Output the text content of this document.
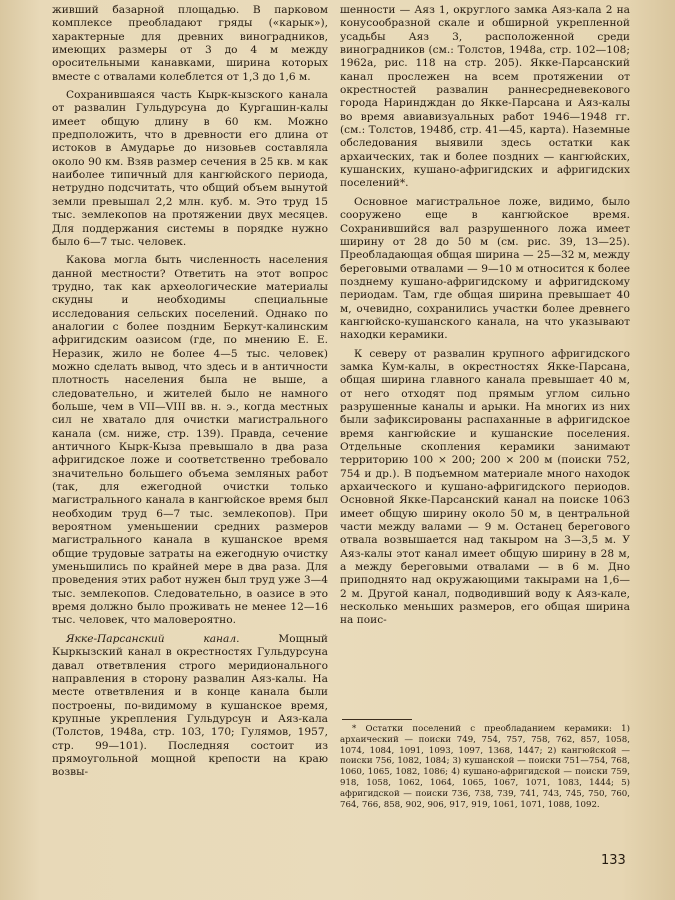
живший базарной площадью. В парковом комплексе преобладают гряды («карык»), характерные для древних виноградников, имеющих размеры от 3 до 4 м между оросительными канавками, ширина которых вместе с отвалами колеблется от 1,3 до 1,6 м.

Сохранившаяся часть Кырк-кызского канала от развалин Гульдурсуна до Кургашин-калы имеет общую длину в 60 км. Можно предположить, что в древности его длина от истоков в Амударье до низовьев составляла около 90 км. Взяв размер сечения в 25 кв. м как наиболее типичный для кангюйского периода, нетрудно подсчитать, что общий объем вынутой земли превышал 2,2 млн. куб. м. Это труд 15 тыс. землекопов на протяжении двух месяцев. Для поддержания системы в порядке нужно было 6—7 тыс. человек.

Какова могла быть численность населения данной местности? Ответить на этот вопрос трудно, так как археологические материалы скудны и необходимы специальные исследования сельских поселений. Однако по аналогии с более поздним Беркут-калинским афригидским оазисом (где, по мнению Е. Е. Неразик, жило не более 4—5 тыс. человек) можно сделать вывод, что здесь и в античности плотность населения была не выше, а следовательно, и жителей было не намного больше, чем в VII—VIII вв. н. э., когда местных сил не хватало для очистки магистрального канала (см. ниже, стр. 139). Правда, сечение античного Кырк-Кыза превышало в два раза афригидское ложе и соответственно требовало значительно большего объема земляных работ (так, для ежегодной очистки только магистрального канала в кангюйское время был необходим труд 6—7 тыс. землекопов). При вероятном уменьшении средних размеров магистрального канала в кушанское время общие трудовые затраты на ежегодную очистку уменьшились по крайней мере в два раза. Для проведения этих работ нужен был труд уже 3—4 тыс. землекопов. Следовательно, в оазисе в это время должно было проживать не менее 12—16 тыс. человек, что маловероятно.

Якке-Парсанский канал. Мощный Кыркызский канал в окрестностях Гульдурсуна давал ответвления строго меридионального направления в сторону развалин Аяз-калы. На месте ответвления и в конце канала были построены, по-видимому в кушанское время, крупные укрепления Гульдурсун и Аяз-кала (Толстов, 1948а, стр. 103, 170; Гулямов, 1957, стр. 99—101). Последняя состоит из прямоугольной мощной крепости на краю возвы-

шенности — Аяз 1, округлого замка Аяз-кала 2 на конусообразной скале и обширной укрепленной усадьбы Аяз 3, расположенной среди виноградников (см.: Толстов, 1948а, стр. 102—108; 1962а, рис. 118 на стр. 205). Якке-Парсанский канал прослежен на всем протяжении от окрестностей развалин раннесредневекового города Нариндждан до Якке-Парсана и Аяз-калы во время авиавизуальных работ 1946—1948 гг. (см.: Толстов, 1948б, стр. 41—45, карта). Наземные обследования выявили здесь остатки как архаических, так и более поздних — кангюйских, кушанских, кушано-афригидских и афригидских поселений*.

Основное магистральное ложе, видимо, было сооружено еще в кангюйское время. Сохранившийся вал разрушенного ложа имеет ширину от 28 до 50 м (см. рис. 39, 13—25). Преобладающая общая ширина — 25—32 м, между береговыми отвалами — 9—10 м относится к более позднему кушано-афригидскому и афригидскому периодам. Там, где общая ширина превышает 40 м, очевидно, сохранились участки более древнего кангюйско-кушанского канала, на что указывают находки керамики.

К северу от развалин крупного афригидского замка Кум-калы, в окрестностях Якке-Парсана, общая ширина главного канала превышает 40 м, от него отходят под прямым углом сильно разрушенные каналы и арыки. На многих из них были зафиксированы распаханные в афригидское время кангюйские и кушанские поселения. Отдельные скопления керамики занимают территорию 100 × 200; 200 × 200 м (поиски 752, 754 и др.). В подъемном материале много находок архаического и кушано-афригидского периодов. Основной Якке-Парсанский канал на поиске 1063 имеет общую ширину около 50 м, в центральной части между валами — 9 м. Останец берегового отвала возвышается над такыром на 3—3,5 м. У Аяз-калы этот канал имеет общую ширину в 28 м, а между береговыми отвалами — в 6 м. Дно приподнято над окружающими такырами на 1,6—2 м. Другой канал, подводивший воду к Аяз-кале, несколько меньших размеров, его общая ширина на поис-

* Остатки поселений с преобладанием керамики: 1) архаический — поиски 749, 754, 757, 758, 762, 857, 1058, 1074, 1084, 1091, 1093, 1097, 1368, 1447; 2) кангюйской — поиски 756, 1082, 1084; 3) кушанской — поиски 751—754, 768, 1060, 1065, 1082, 1086; 4) кушано-афригидской — поиски 759, 918, 1058, 1062, 1064, 1065, 1067, 1071, 1083, 1444; 5) афригидской — поиски 736, 738, 739, 741, 743, 745, 750, 760, 764, 766, 858, 902, 906, 917, 919, 1061, 1071, 1088, 1092.

133
